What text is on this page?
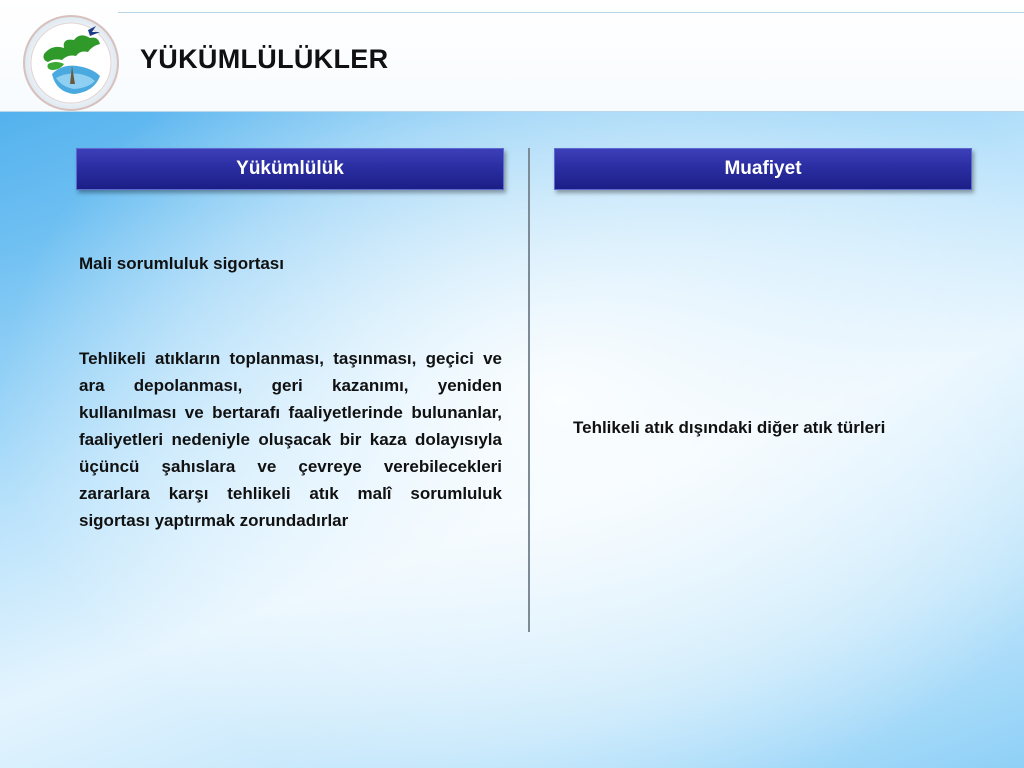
YÜKÜMLÜLÜKLER
Yükümlülük	Muafiyet

Mali sorumluluk sigortası

Tehlikeli atıkların toplanması, taşınması, geçici ve ara depolanması, geri kazanımı, yeniden kullanılması ve bertarafı faaliyetlerinde bulunanlar, faaliyetleri nedeniyle oluşacak bir kaza dolayısıyla üçüncü şahıslara ve çevreye verebilecekleri zararlara karşı tehlikeli atık malî sorumluluk sigortası yaptırmak zorundadırlar

Tehlikeli atık dışındaki diğer atık türleri
